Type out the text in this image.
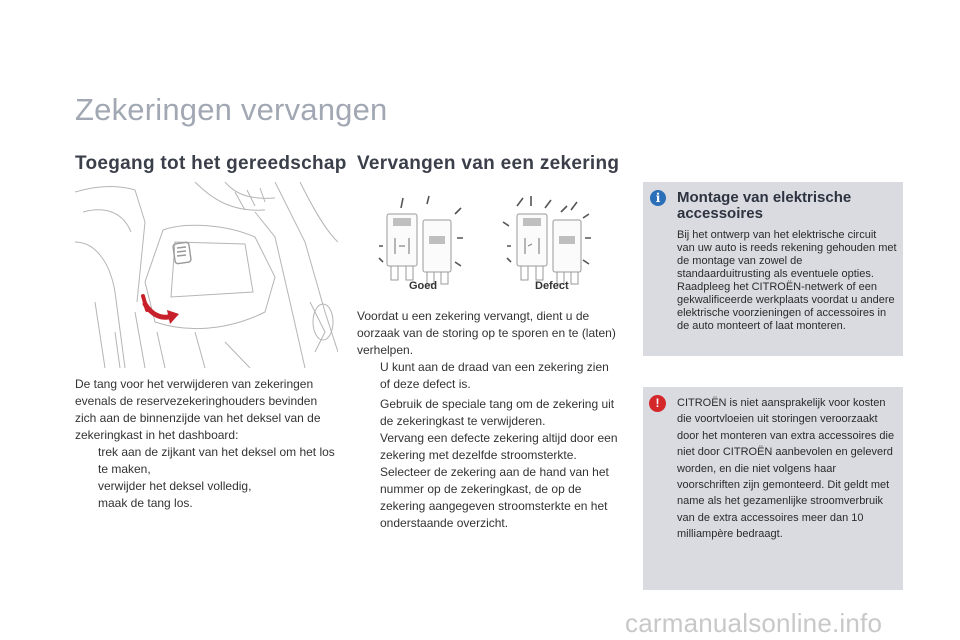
Zekeringen vervangen
Toegang tot het gereedschap
De tang voor het verwijderen van zekeringen evenals de reservezekeringhouders bevinden zich aan de binnenzijde van het deksel van de zekeringkast in het dashboard:
trek aan de zijkant van het deksel om het los te maken,
verwijder het deksel volledig,
maak de tang los.
Vervangen van een zekering
Goed	Defect
Voordat u een zekering vervangt, dient u de oorzaak van de storing op te sporen en te (laten) verhelpen.
U kunt aan de draad van een zekering zien of deze defect is.
Gebruik de speciale tang om de zekering uit de zekeringkast te verwijderen.
Vervang een defecte zekering altijd door een zekering met dezelfde stroomsterkte.
Selecteer de zekering aan de hand van het nummer op de zekeringkast, de op de zekering aangegeven stroomsterkte en het onderstaande overzicht.
i	Montage van elektrische accessoires
Bij het ontwerp van het elektrische circuit van uw auto is reeds rekening gehouden met de montage van zowel de standaarduitrusting als eventuele opties. Raadpleeg het CITROËN-netwerk of een gekwalificeerde werkplaats voordat u andere elektrische voorzieningen of accessoires in de auto monteert of laat monteren.
!	CITROËN is niet aansprakelijk voor kosten die voortvloeien uit storingen veroorzaakt door het monteren van extra accessoires die niet door CITROËN aanbevolen en geleverd worden, en die niet volgens haar voorschriften zijn gemonteerd. Dit geldt met name als het gezamenlijke stroomverbruik van de extra accessoires meer dan 10 milliampère bedraagt.
carmanualsonline.info
